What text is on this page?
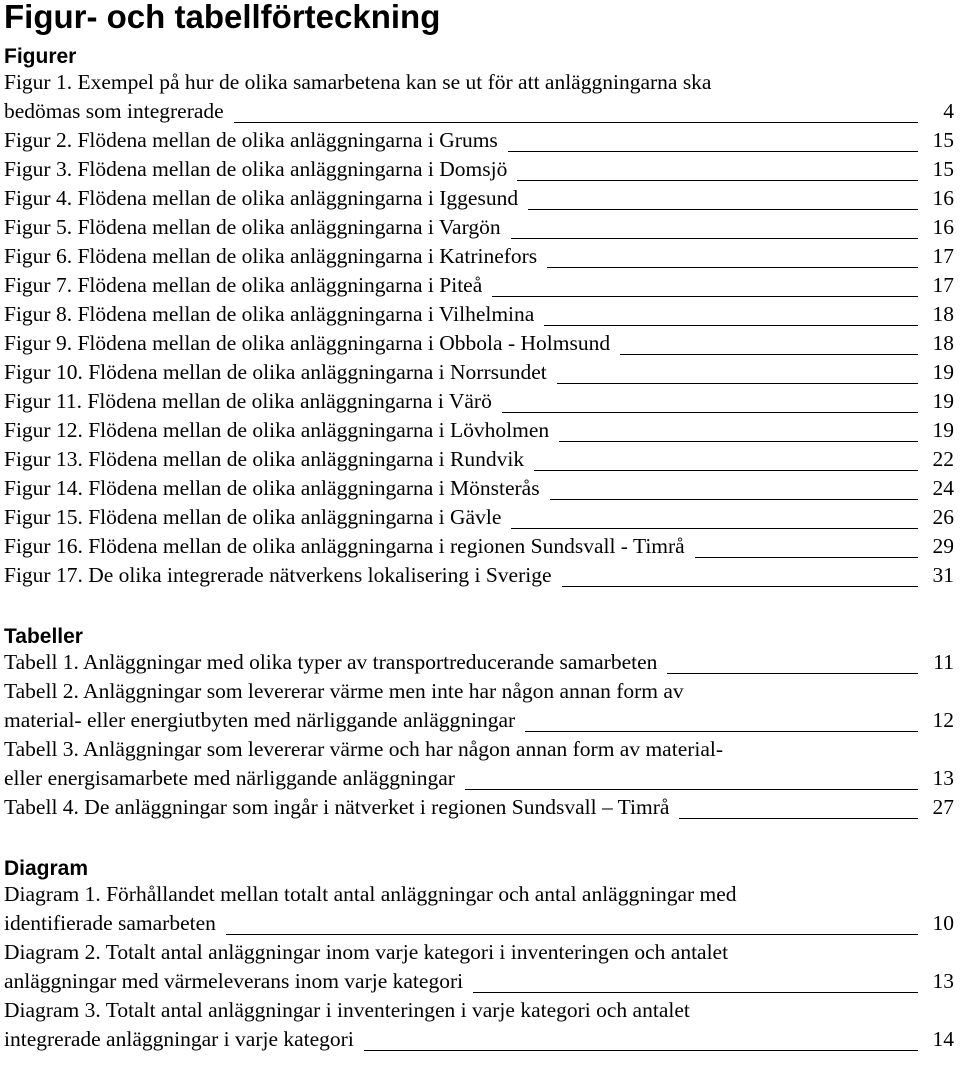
Figur- och tabellförteckning
Figurer
Figur 1. Exempel på hur de olika samarbetena kan se ut för att anläggningarna ska
bedömas som integrerade	4
Figur 2. Flödena mellan de olika anläggningarna i Grums	15
Figur 3. Flödena mellan de olika anläggningarna i Domsjö	15
Figur 4. Flödena mellan de olika anläggningarna i Iggesund	16
Figur 5. Flödena mellan de olika anläggningarna i Vargön	16
Figur 6. Flödena mellan de olika anläggningarna i Katrinefors	17
Figur 7. Flödena mellan de olika anläggningarna i Piteå	17
Figur 8. Flödena mellan de olika anläggningarna i Vilhelmina	18
Figur 9. Flödena mellan de olika anläggningarna i Obbola - Holmsund	18
Figur 10. Flödena mellan de olika anläggningarna i Norrsundet	19
Figur 11. Flödena mellan de olika anläggningarna i Värö	19
Figur 12. Flödena mellan de olika anläggningarna i Lövholmen	19
Figur 13. Flödena mellan de olika anläggningarna i Rundvik	22
Figur 14. Flödena mellan de olika anläggningarna i Mönsterås	24
Figur 15. Flödena mellan de olika anläggningarna i Gävle	26
Figur 16. Flödena mellan de olika anläggningarna i regionen Sundsvall - Timrå	29
Figur 17. De olika integrerade nätverkens lokalisering i Sverige	31
Tabeller
Tabell 1. Anläggningar med olika typer av transportreducerande samarbeten	11
Tabell 2. Anläggningar som levererar värme men inte har någon annan form av
material- eller energiutbyten med närliggande anläggningar	12
Tabell 3. Anläggningar som levererar värme och har någon annan form av material-
eller energisamarbete med närliggande anläggningar	13
Tabell 4. De anläggningar som ingår i nätverket i regionen Sundsvall – Timrå	27
Diagram
Diagram 1. Förhållandet mellan totalt antal anläggningar och antal anläggningar med
identifierade samarbeten	10
Diagram 2. Totalt antal anläggningar inom varje kategori i inventeringen och antalet
anläggningar med värmeleverans inom varje kategori	13
Diagram 3. Totalt antal anläggningar i inventeringen i varje kategori och antalet
integrerade anläggningar i varje kategori	14
